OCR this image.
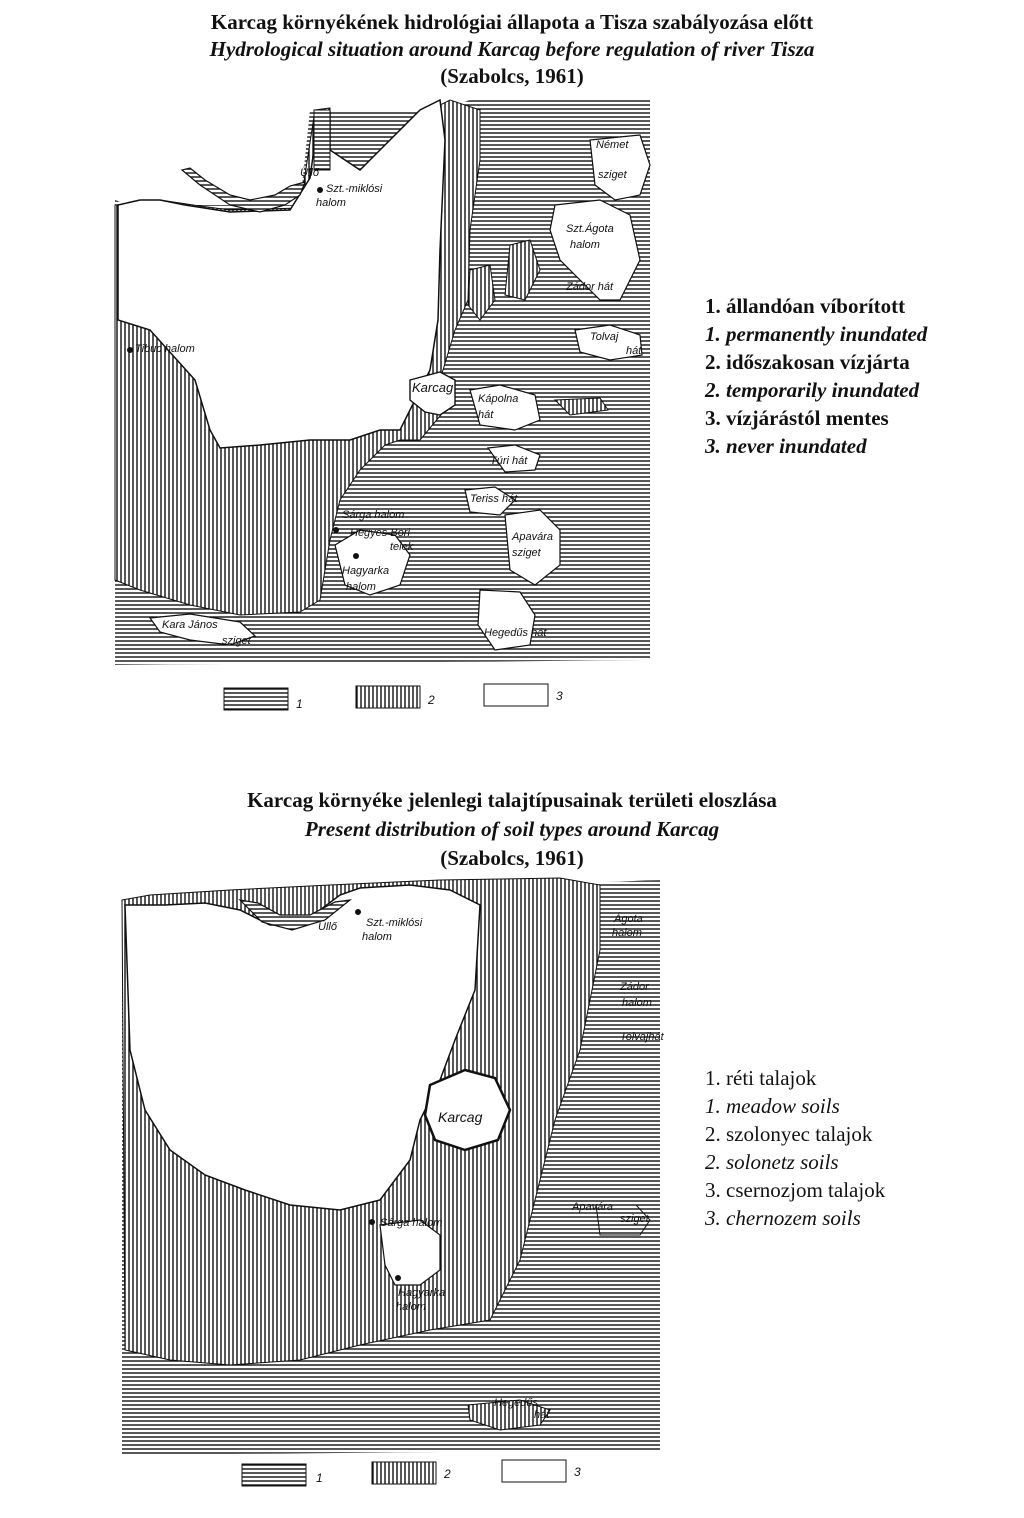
Karcag környékének hidrológiai állapota a Tisza szabályozása előtt
Hydrological situation around Karcag before regulation of river Tisza
(Szabolcs, 1961)
Karcag környéke jelenlegi talajtípusainak területi eloszlása
Present distribution of soil types around Karcag
(Szabolcs, 1961)
Üllő
Szt.-miklósi
halom
Német
sziget
Szt.Ágota
halom
Zádor hát
Tibuc halom
Tolvaj
hát
Karcag
Kápolna
hát
Túri hát
Teriss hát
Sárga halom
Hegyes Bori
telek
Apavára
sziget
Hagyarka
halom
Kara János
sziget
Hegedűs hát
1	2	3
Üllő	Szt.-miklósi
halom
Ágota
halom
Zádor
halom
Tolvajhát
Karcag
Apavára
sziget
Sárga halom
Hagyarka
halom
Hegedűs
hát
1	2	3
1. állandóan víborított
1. permanently inundated
2. időszakosan vízjárta
2. temporarily inundated
3. vízjárástól mentes
3. never inundated
1. réti talajok
1. meadow soils
2. szolonyec talajok
2. solonetz soils
3. csernozjom talajok
3. chernozem soils
